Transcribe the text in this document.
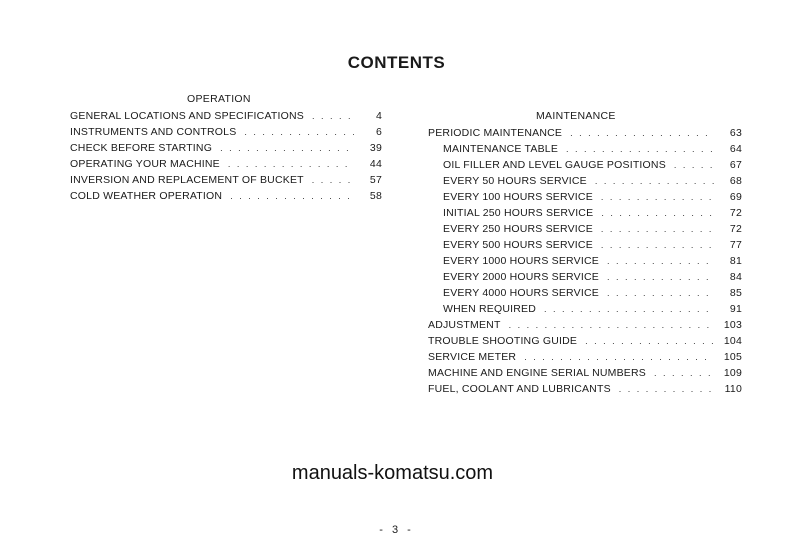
CONTENTS
OPERATION
GENERAL LOCATIONS AND SPECIFICATIONS . . .	4
INSTRUMENTS AND CONTROLS . . .	6
CHECK BEFORE STARTING . . .	39
OPERATING YOUR MACHINE . . .	44
INVERSION AND REPLACEMENT OF BUCKET . . .	57
COLD WEATHER OPERATION . . .	58
MAINTENANCE
PERIODIC MAINTENANCE . . .	63
MAINTENANCE TABLE . . .	64
OIL FILLER AND LEVEL GAUGE POSITIONS . . .	67
EVERY 50 HOURS SERVICE . . .	68
EVERY 100 HOURS SERVICE . . .	69
INITIAL 250 HOURS SERVICE . . .	72
EVERY 250 HOURS SERVICE . . .	72
EVERY 500 HOURS SERVICE . . .	77
EVERY 1000 HOURS SERVICE . . .	81
EVERY 2000 HOURS SERVICE . . .	84
EVERY 4000 HOURS SERVICE . . .	85
WHEN REQUIRED . . .	91
ADJUSTMENT . . .	103
TROUBLE SHOOTING GUIDE . . .	104
SERVICE METER . . .	105
MACHINE AND ENGINE SERIAL NUMBERS . . .	109
FUEL, COOLANT AND LUBRICANTS . . .	110
manuals-komatsu.com
- 3 -
